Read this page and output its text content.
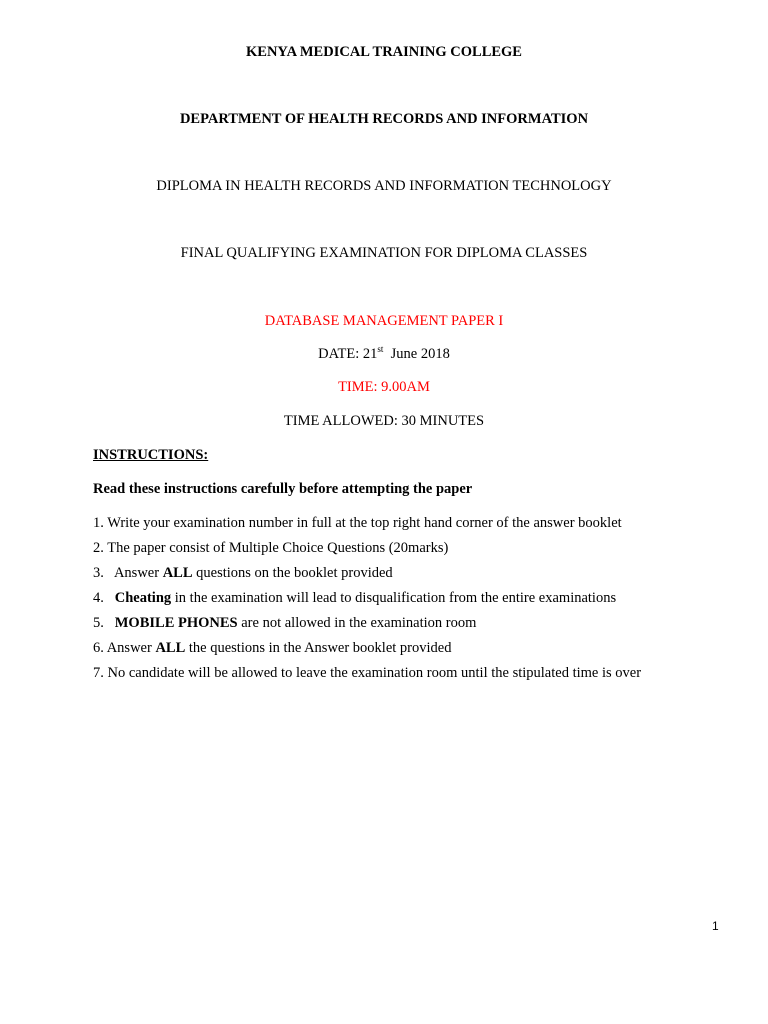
KENYA MEDICAL TRAINING COLLEGE
DEPARTMENT OF HEALTH RECORDS AND INFORMATION
DIPLOMA IN HEALTH RECORDS AND INFORMATION TECHNOLOGY
FINAL QUALIFYING EXAMINATION FOR DIPLOMA CLASSES
DATABASE MANAGEMENT PAPER I
DATE: 21st  June 2018
TIME: 9.00AM
TIME ALLOWED: 30 MINUTES
INSTRUCTIONS:
Read these instructions carefully before attempting the paper
1. Write your examination number in full at the top right hand corner of the answer booklet
2. The paper consist of Multiple Choice Questions (20marks)
3.   Answer ALL questions on the booklet provided
4. Cheating in the examination will lead to disqualification from the entire examinations
5. MOBILE PHONES are not allowed in the examination room
6. Answer ALL the questions in the Answer booklet provided
7. No candidate will be allowed to leave the examination room until the stipulated time is over
1
